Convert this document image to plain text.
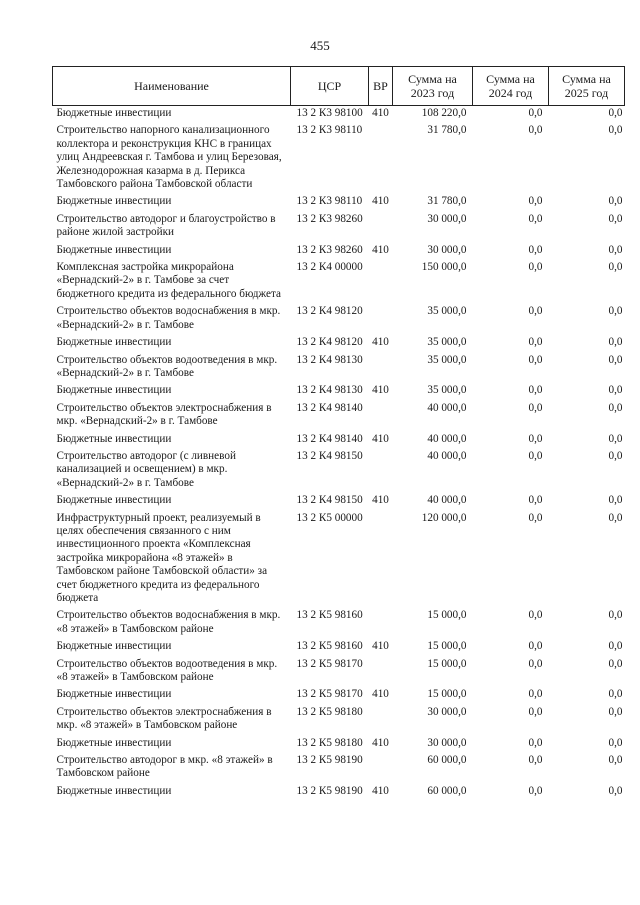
455
Наименование	ЦСР	ВР	Сумма на 2023 год	Сумма на 2024 год	Сумма на 2025 год
Бюджетные инвестиции	13 2 К3 98100	410	108 220,0	0,0	0,0
Строительство напорного канализационного коллектора и реконструкция КНС в границах улиц Андреевская г. Тамбова и улиц Березовая, Железнодорожная казарма в д. Перикса Тамбовского района Тамбовской области	13 2 К3 98110		31 780,0	0,0	0,0
Бюджетные инвестиции	13 2 К3 98110	410	31 780,0	0,0	0,0
Строительство автодорог и благоустройство в районе жилой застройки	13 2 К3 98260		30 000,0	0,0	0,0
Бюджетные инвестиции	13 2 К3 98260	410	30 000,0	0,0	0,0
Комплексная застройка микрорайона «Вернадский-2» в г. Тамбове за счет бюджетного кредита из федерального бюджета	13 2 К4 00000		150 000,0	0,0	0,0
Строительство объектов водоснабжения в мкр. «Вернадский-2» в г. Тамбове	13 2 К4 98120		35 000,0	0,0	0,0
Бюджетные инвестиции	13 2 К4 98120	410	35 000,0	0,0	0,0
Строительство объектов водоотведения в мкр. «Вернадский-2» в г. Тамбове	13 2 К4 98130		35 000,0	0,0	0,0
Бюджетные инвестиции	13 2 К4 98130	410	35 000,0	0,0	0,0
Строительство объектов электроснабжения в мкр. «Вернадский-2» в г. Тамбове	13 2 К4 98140		40 000,0	0,0	0,0
Бюджетные инвестиции	13 2 К4 98140	410	40 000,0	0,0	0,0
Строительство автодорог (с ливневой канализацией и освещением) в мкр. «Вернадский-2» в г. Тамбове	13 2 К4 98150		40 000,0	0,0	0,0
Бюджетные инвестиции	13 2 К4 98150	410	40 000,0	0,0	0,0
Инфраструктурный проект, реализуемый в целях обеспечения связанного с ним инвестиционного проекта «Комплексная застройка микрорайона «8 этажей» в Тамбовском районе Тамбовской области» за счет бюджетного кредита из федерального бюджета	13 2 К5 00000		120 000,0	0,0	0,0
Строительство объектов водоснабжения в мкр. «8 этажей» в Тамбовском районе	13 2 К5 98160		15 000,0	0,0	0,0
Бюджетные инвестиции	13 2 К5 98160	410	15 000,0	0,0	0,0
Строительство объектов водоотведения в мкр. «8 этажей» в Тамбовском районе	13 2 К5 98170		15 000,0	0,0	0,0
Бюджетные инвестиции	13 2 К5 98170	410	15 000,0	0,0	0,0
Строительство объектов электроснабжения в мкр. «8 этажей» в Тамбовском районе	13 2 К5 98180		30 000,0	0,0	0,0
Бюджетные инвестиции	13 2 К5 98180	410	30 000,0	0,0	0,0
Строительство автодорог в мкр. «8 этажей» в Тамбовском районе	13 2 К5 98190		60 000,0	0,0	0,0
Бюджетные инвестиции	13 2 К5 98190	410	60 000,0	0,0	0,0
